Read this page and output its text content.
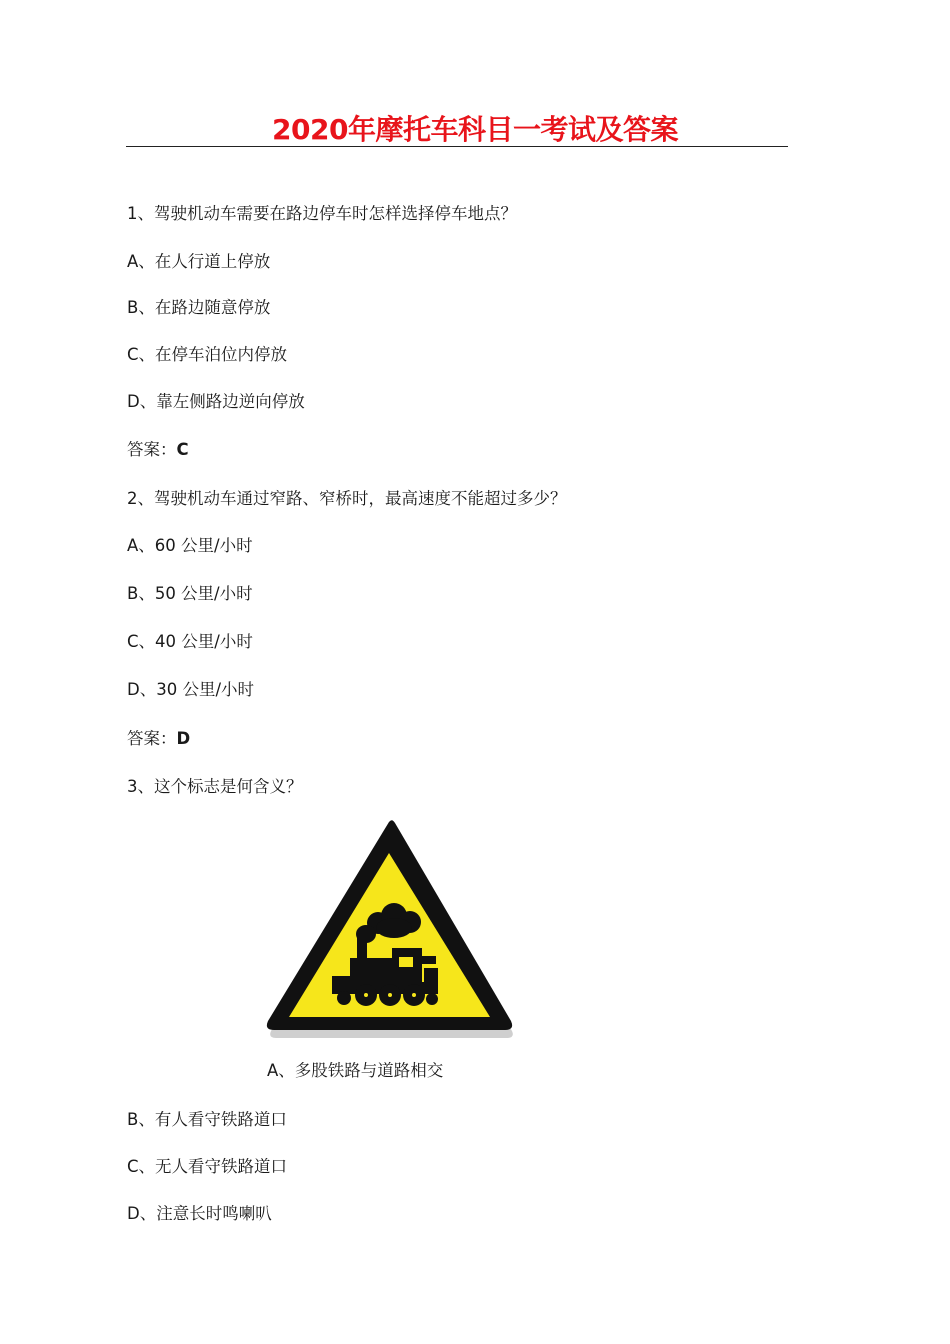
2020年摩托车科目一考试及答案
1、驾驶机动车需要在路边停车时怎样选择停车地点？
A、在人行道上停放
B、在路边随意停放
C、在停车泊位内停放
D、靠左侧路边逆向停放
答案：C
2、驾驶机动车通过窄路、窄桥时，最高速度不能超过多少？
A、60 公里/小时
B、50 公里/小时
C、40 公里/小时
D、30 公里/小时
答案：D
3、这个标志是何含义？
A、多股铁路与道路相交
B、有人看守铁路道口
C、无人看守铁路道口
D、注意长时鸣喇叭
